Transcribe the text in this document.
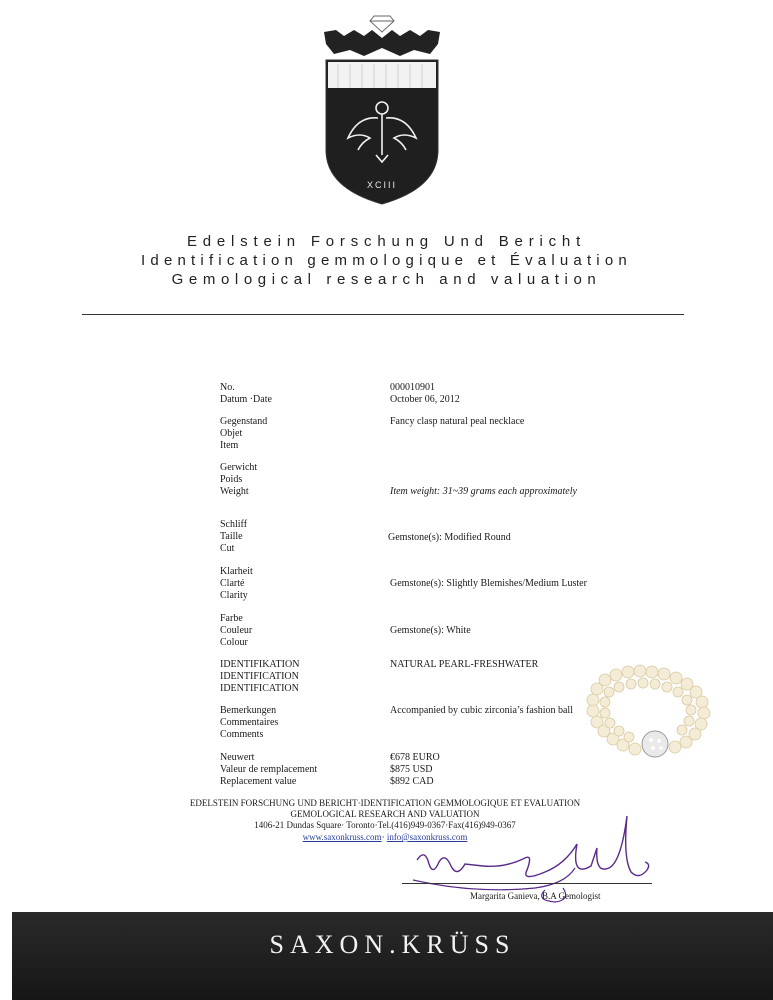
XCIII
Edelstein Forschung Und Bericht
Identification gemmologique et Évaluation
Gemological research and valuation
No.
Datum ·Date
000010901
October 06, 2012
Gegenstand
Objet
Item
Fancy clasp natural peal necklace
Gerwicht
Poids
Weight	Item weight: 31~39 grams each approximately
Schliff
Taille
Cut
Gemstone(s): Modified Round
Klarheit
Clarté
Clarity
Gemstone(s): Slightly Blemishes/Medium Luster
Farbe
Couleur
Colour
Gemstone(s): White
IDENTIFIKATION
IDENTIFICATION
IDENTIFICATION
NATURAL PEARL-FRESHWATER
Bemerkungen
Commentaires
Comments
Accompanied by cubic zirconia’s fashion ball
Neuwert
Valeur de remplacement
Replacement value
€678 EURO
$875 USD
$892 CAD
EDELSTEIN FORSCHUNG UND BERICHT·IDENTIFICATION GEMMOLOGIQUE ET EVALUATION
GEMOLOGICAL RESEARCH AND VALUATION
1406-21 Dundas Square· Toronto·Tel.(416)949-0367·Fax(416)949-0367
www.saxonkruss.com· info@saxonkruss.com
Margarita Ganieva, B.A Gemologist
SAXON.KRÜSS
